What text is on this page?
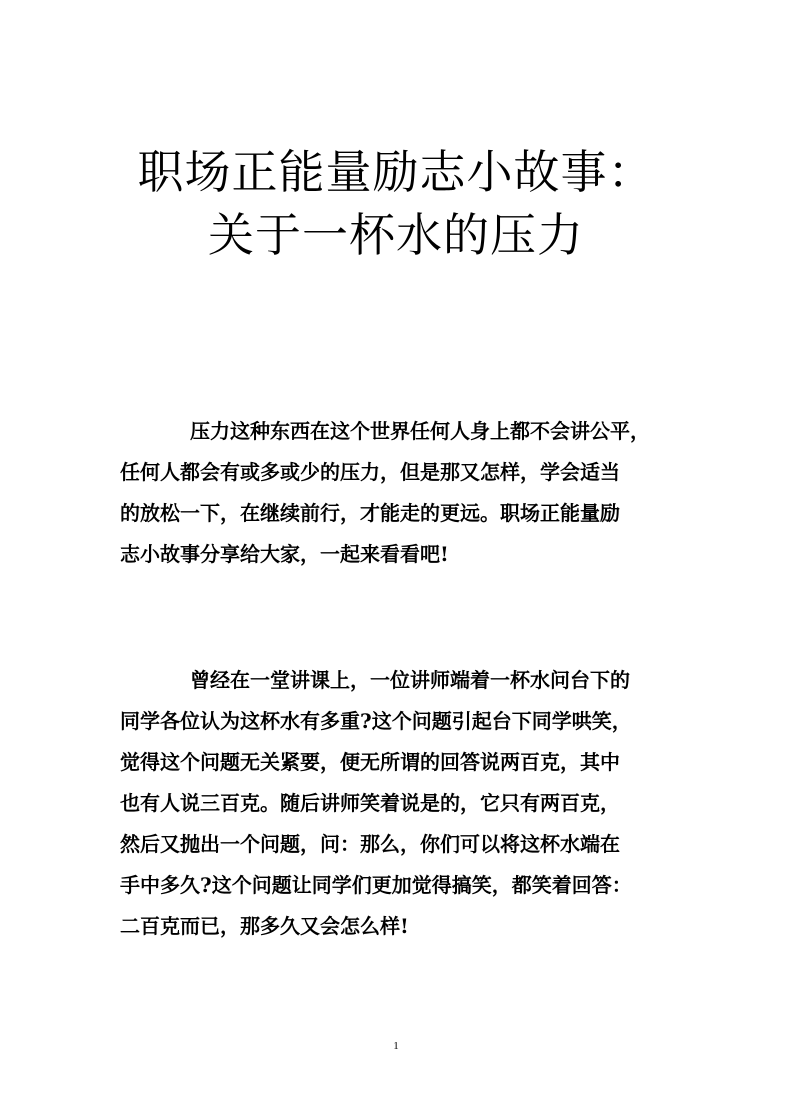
职场正能量励志小故事：
关于一杯水的压力
压力这种东西在这个世界任何人身上都不会讲公平，
任何人都会有或多或少的压力，但是那又怎样，学会适当
的放松一下，在继续前行，才能走的更远。职场正能量励
志小故事分享给大家，一起来看看吧!
曾经在一堂讲课上，一位讲师端着一杯水问台下的
同学各位认为这杯水有多重?这个问题引起台下同学哄笑，
觉得这个问题无关紧要，便无所谓的回答说两百克，其中
也有人说三百克。随后讲师笑着说是的，它只有两百克，
然后又抛出一个问题，问：那么，你们可以将这杯水端在
手中多久?这个问题让同学们更加觉得搞笑，都笑着回答：
二百克而已，那多久又会怎么样!
1
